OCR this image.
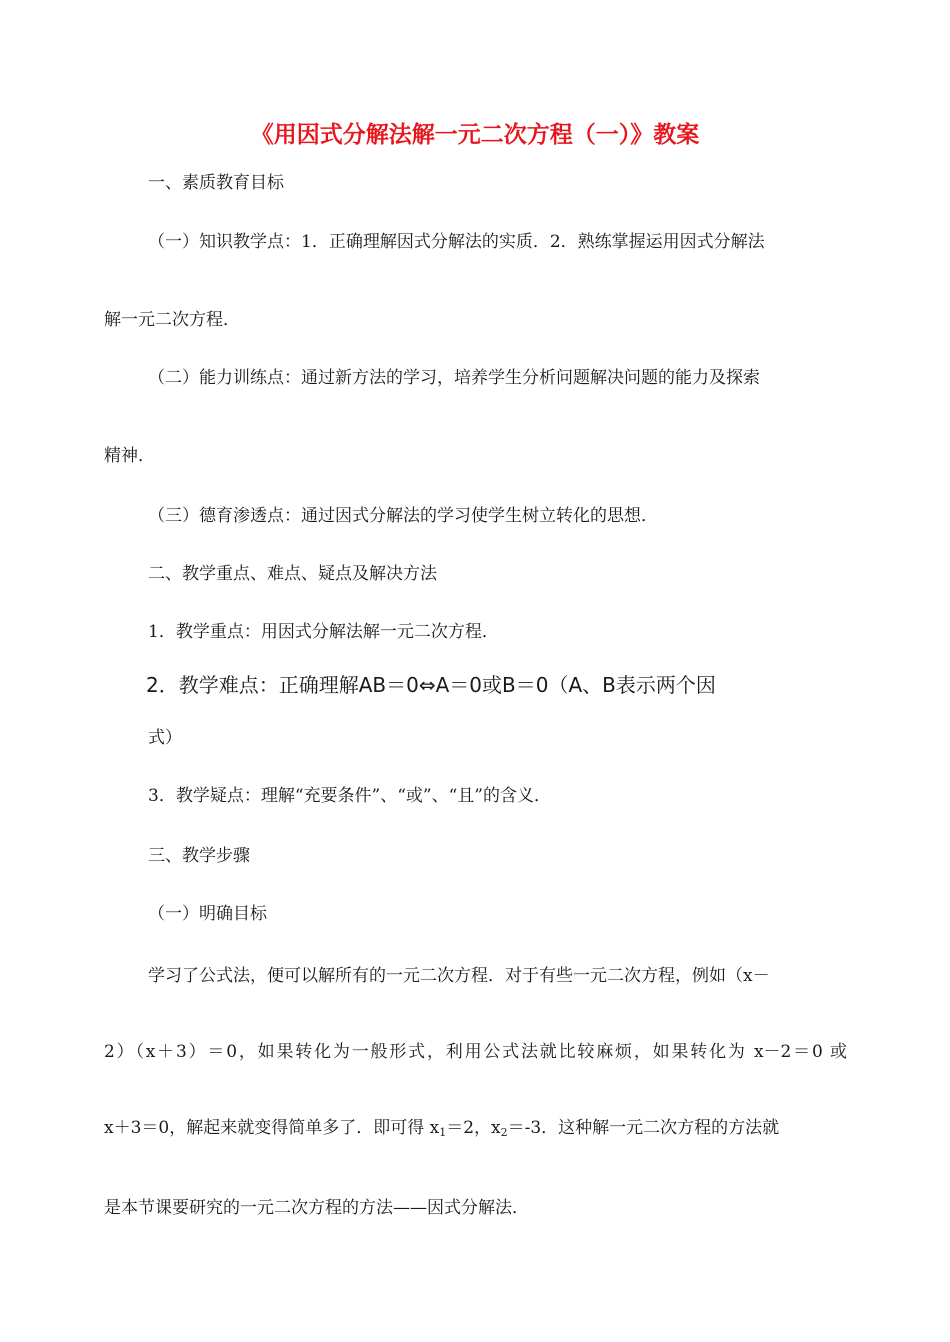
《用因式分解法解一元二次方程（一）》教案
一、素质教育目标
（一）知识教学点：1．正确理解因式分解法的实质．2．熟练掌握运用因式分解法
解一元二次方程．
（二）能力训练点：通过新方法的学习，培养学生分析问题解决问题的能力及探索
精神．
（三）德育渗透点：通过因式分解法的学习使学生树立转化的思想．
二、教学重点、难点、疑点及解决方法
1．教学重点：用因式分解法解一元二次方程．
2．教学难点：正确理解AB＝0⇔A＝0或B＝0（A、B表示两个因
式）
3．教学疑点：理解“充要条件”、“或”、“且”的含义．
三、教学步骤
（一）明确目标
学习了公式法，便可以解所有的一元二次方程．对于有些一元二次方程，例如（x－
2）（x＋3）＝0，如果转化为一般形式，利用公式法就比较麻烦，如果转化为 x－2＝0 或
x＋3＝0，解起来就变得简单多了．即可得 $x_1=2$，$x_2=-3$．这种解一元二次方程的方法就
是本节课要研究的一元二次方程的方法——因式分解法．
